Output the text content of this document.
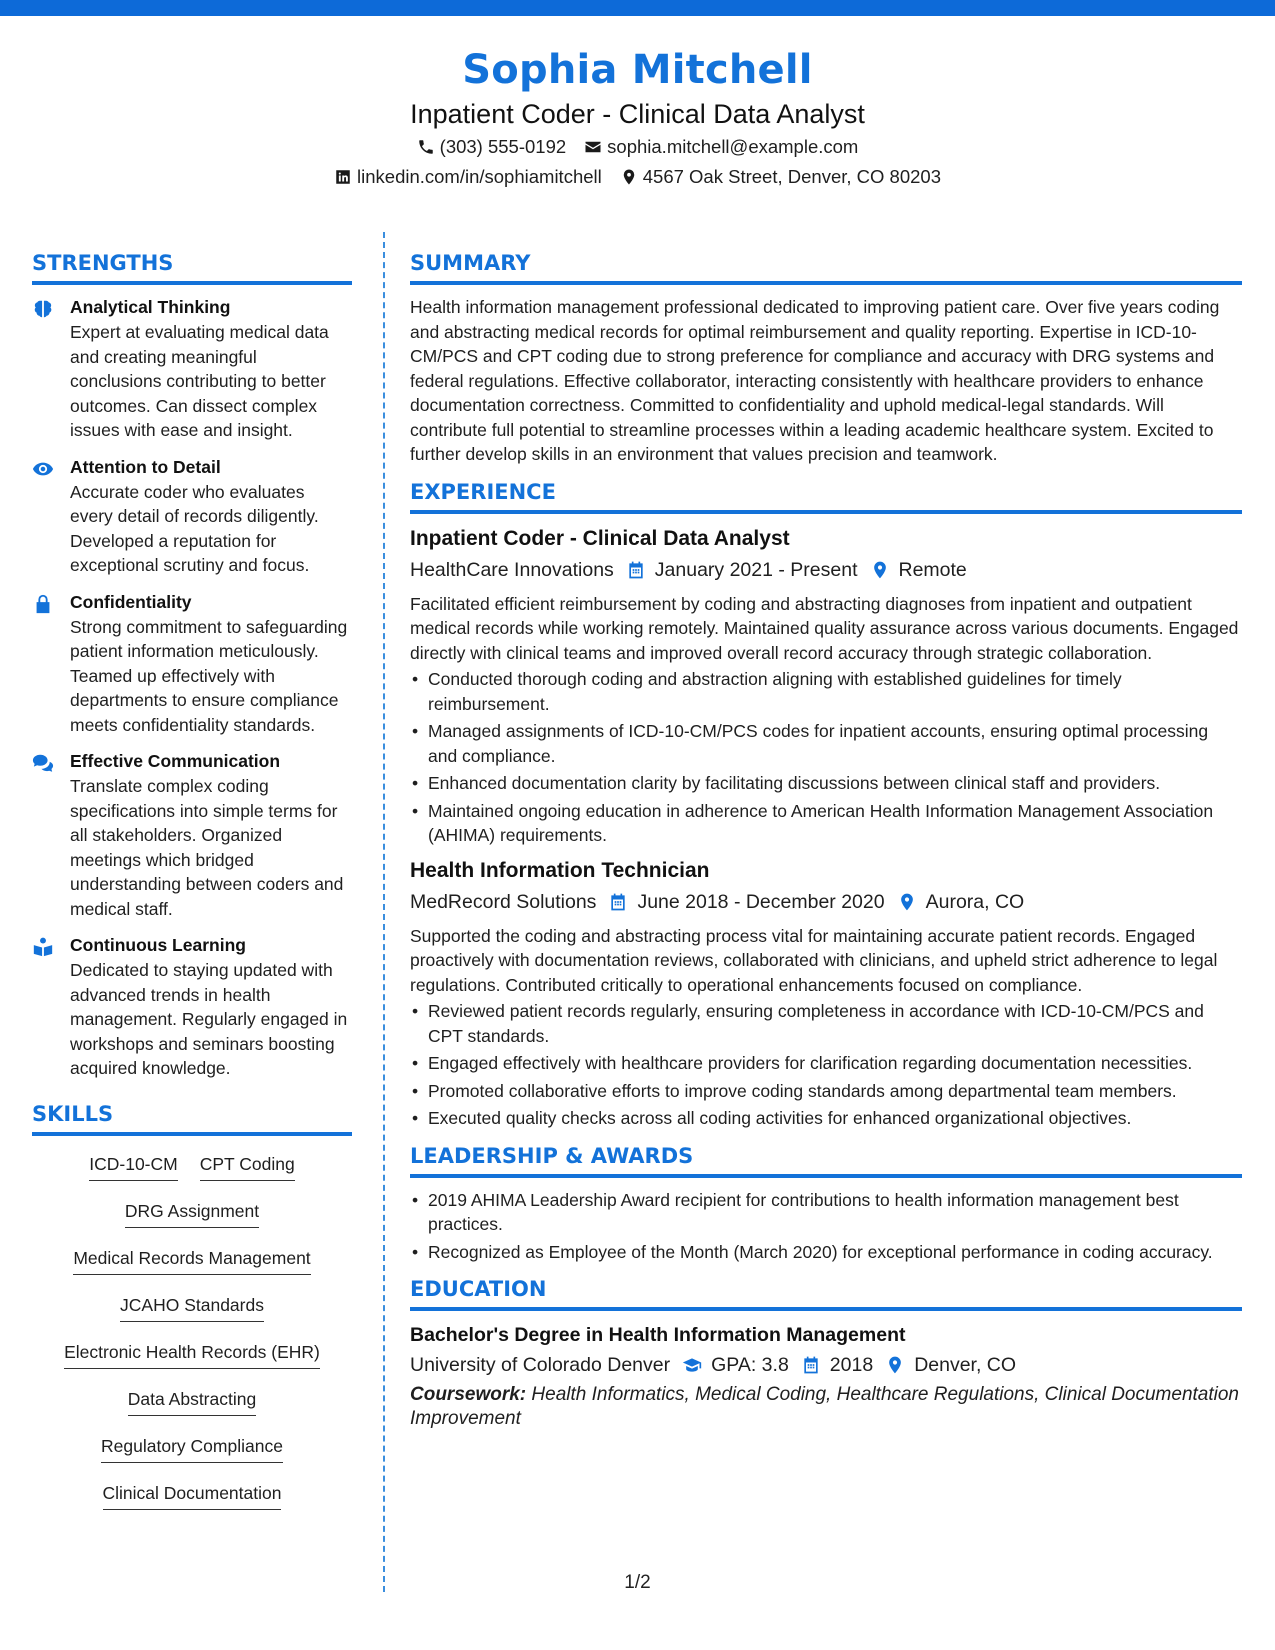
Sophia Mitchell
Inpatient Coder - Clinical Data Analyst
(303) 555-0192 sophia.mitchell@example.com
linkedin.com/in/sophiamitchell 4567 Oak Street, Denver, CO 80203
STRENGTHS
Analytical Thinking
Expert at evaluating medical data and creating meaningful conclusions contributing to better outcomes. Can dissect complex issues with ease and insight.
Attention to Detail
Accurate coder who evaluates every detail of records diligently. Developed a reputation for exceptional scrutiny and focus.
Confidentiality
Strong commitment to safeguarding patient information meticulously. Teamed up effectively with departments to ensure compliance meets confidentiality standards.
Effective Communication
Translate complex coding specifications into simple terms for all stakeholders. Organized meetings which bridged understanding between coders and medical staff.
Continuous Learning
Dedicated to staying updated with advanced trends in health management. Regularly engaged in workshops and seminars boosting acquired knowledge.
SKILLS
ICD-10-CM CPT Coding
DRG Assignment
Medical Records Management
JCAHO Standards
Electronic Health Records (EHR)
Data Abstracting
Regulatory Compliance
Clinical Documentation
SUMMARY
Health information management professional dedicated to improving patient care. Over five years coding and abstracting medical records for optimal reimbursement and quality reporting. Expertise in ICD-10-CM/PCS and CPT coding due to strong preference for compliance and accuracy with DRG systems and federal regulations. Effective collaborator, interacting consistently with healthcare providers to enhance documentation correctness. Committed to confidentiality and uphold medical-legal standards. Will contribute full potential to streamline processes within a leading academic healthcare system. Excited to further develop skills in an environment that values precision and teamwork.
EXPERIENCE
Inpatient Coder - Clinical Data Analyst
HealthCare Innovations January 2021 - Present Remote
Facilitated efficient reimbursement by coding and abstracting diagnoses from inpatient and outpatient medical records while working remotely. Maintained quality assurance across various documents. Engaged directly with clinical teams and improved overall record accuracy through strategic collaboration.
• Conducted thorough coding and abstraction aligning with established guidelines for timely reimbursement.
• Managed assignments of ICD-10-CM/PCS codes for inpatient accounts, ensuring optimal processing and compliance.
• Enhanced documentation clarity by facilitating discussions between clinical staff and providers.
• Maintained ongoing education in adherence to American Health Information Management Association (AHIMA) requirements.
Health Information Technician
MedRecord Solutions June 2018 - December 2020 Aurora, CO
Supported the coding and abstracting process vital for maintaining accurate patient records. Engaged proactively with documentation reviews, collaborated with clinicians, and upheld strict adherence to legal regulations. Contributed critically to operational enhancements focused on compliance.
• Reviewed patient records regularly, ensuring completeness in accordance with ICD-10-CM/PCS and CPT standards.
• Engaged effectively with healthcare providers for clarification regarding documentation necessities.
• Promoted collaborative efforts to improve coding standards among departmental team members.
• Executed quality checks across all coding activities for enhanced organizational objectives.
LEADERSHIP & AWARDS
• 2019 AHIMA Leadership Award recipient for contributions to health information management best practices.
• Recognized as Employee of the Month (March 2020) for exceptional performance in coding accuracy.
EDUCATION
Bachelor's Degree in Health Information Management
University of Colorado Denver GPA: 3.8 2018 Denver, CO
Coursework: Health Informatics, Medical Coding, Healthcare Regulations, Clinical Documentation Improvement
1/2
